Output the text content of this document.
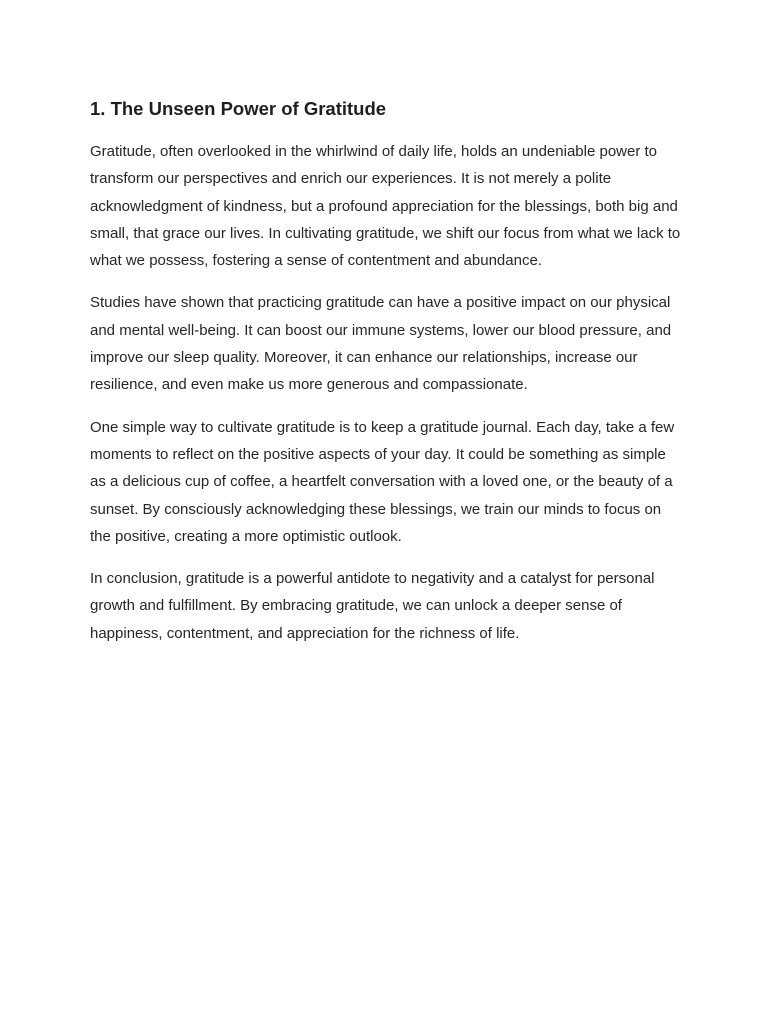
1. The Unseen Power of Gratitude

Gratitude, often overlooked in the whirlwind of daily life, holds an undeniable power to transform our perspectives and enrich our experiences. It is not merely a polite acknowledgment of kindness, but a profound appreciation for the blessings, both big and small, that grace our lives. In cultivating gratitude, we shift our focus from what we lack to what we possess, fostering a sense of contentment and abundance.

Studies have shown that practicing gratitude can have a positive impact on our physical and mental well-being. It can boost our immune systems, lower our blood pressure, and improve our sleep quality. Moreover, it can enhance our relationships, increase our resilience, and even make us more generous and compassionate.

One simple way to cultivate gratitude is to keep a gratitude journal. Each day, take a few moments to reflect on the positive aspects of your day. It could be something as simple as a delicious cup of coffee, a heartfelt conversation with a loved one, or the beauty of a sunset. By consciously acknowledging these blessings, we train our minds to focus on the positive, creating a more optimistic outlook.

In conclusion, gratitude is a powerful antidote to negativity and a catalyst for personal growth and fulfillment. By embracing gratitude, we can unlock a deeper sense of happiness, contentment, and appreciation for the richness of life.
